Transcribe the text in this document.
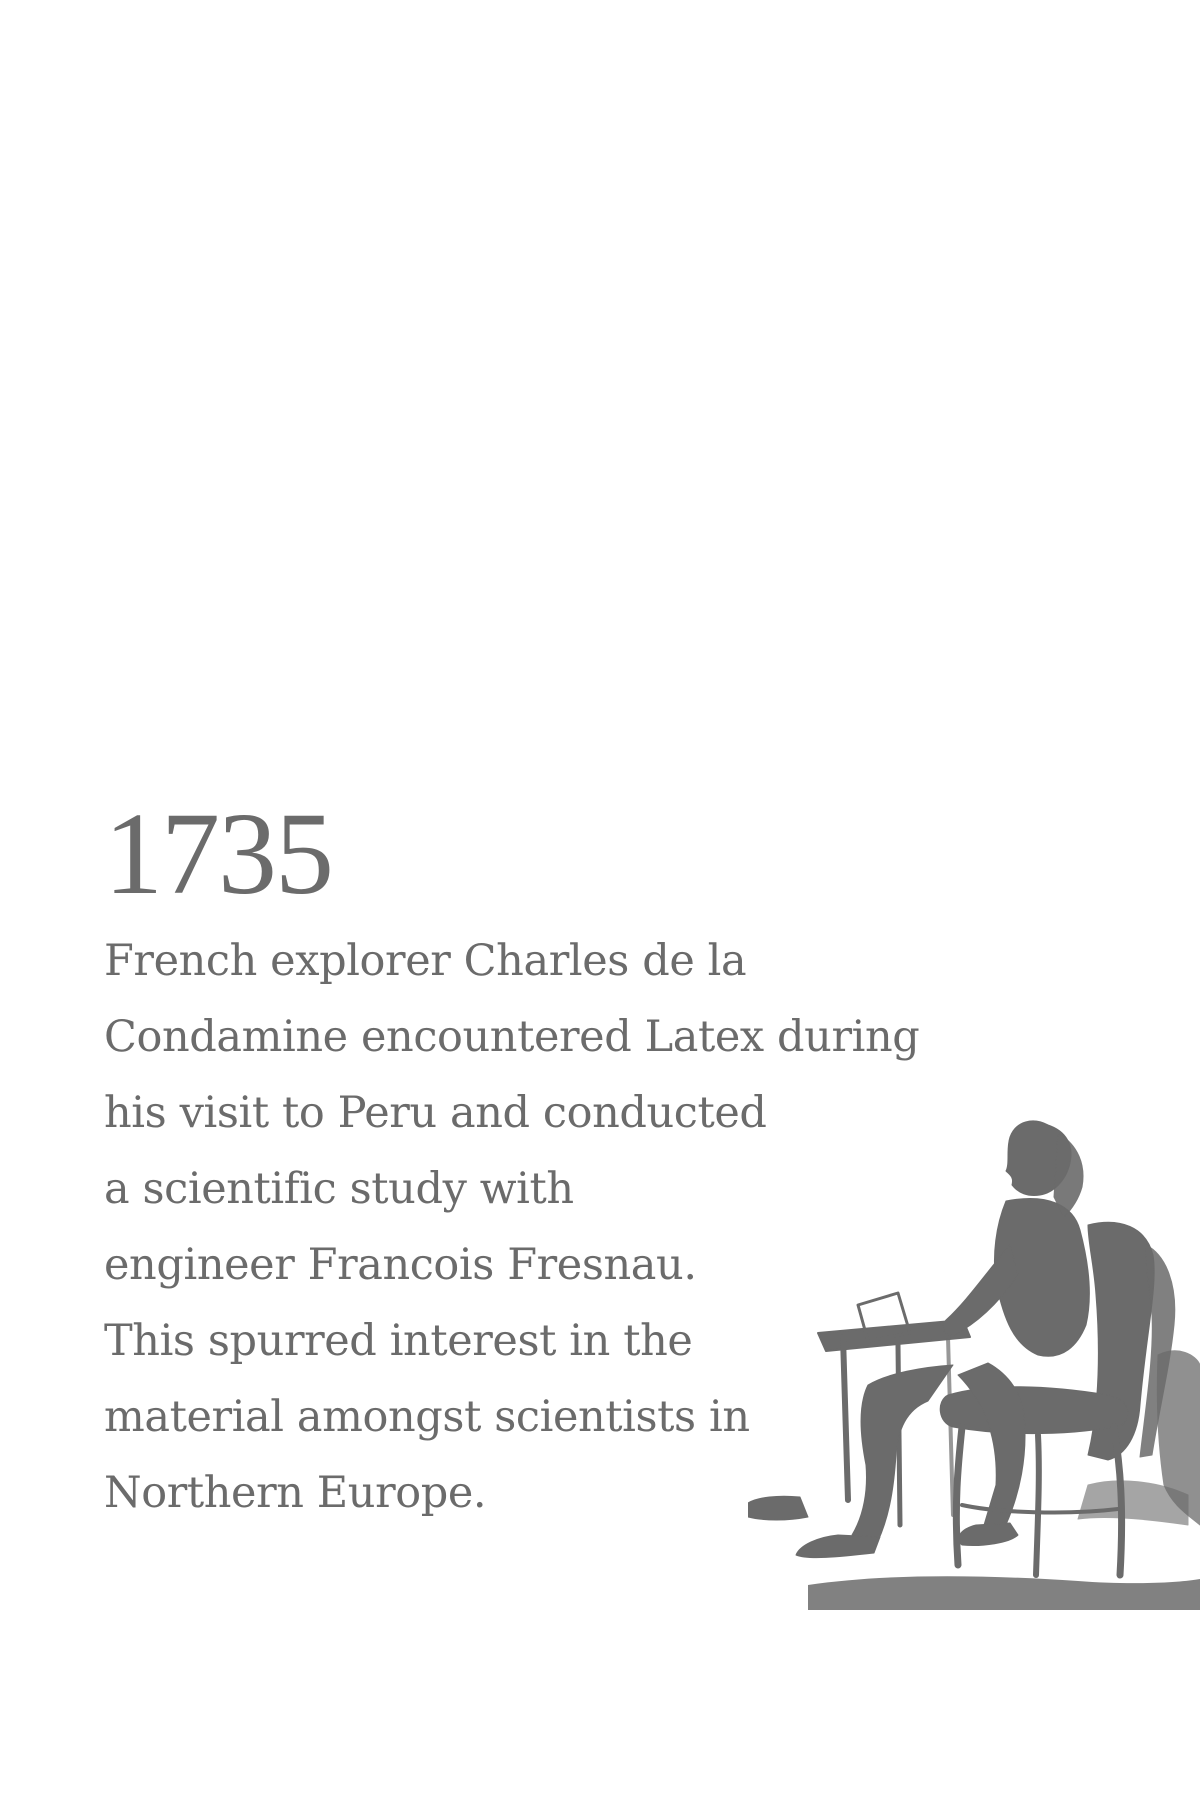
1735
French explorer Charles de la
Condamine encountered Latex during
his visit to Peru and conducted
a scientific study with
engineer Francois Fresnau.
This spurred interest in the
material amongst scientists in
Northern Europe.
